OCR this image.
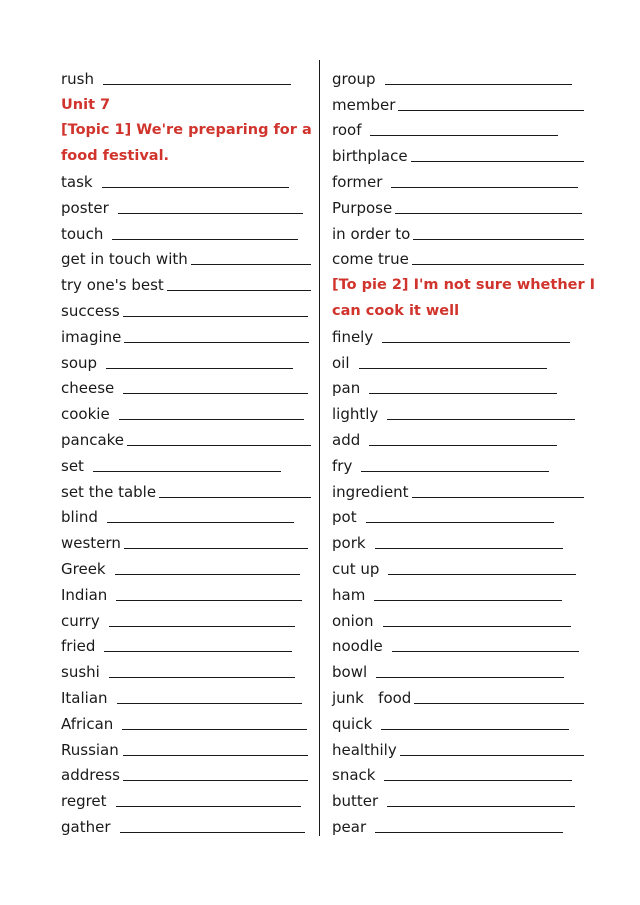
rush
Unit 7
[Topic 1] We're preparing for a
food festival.
task
poster
touch
get in touch with
try one's best
success
imagine
soup
cheese
cookie
pancake
set
set the table
blind
western
Greek
Indian
curry
fried
sushi
Italian
African
Russian
address
regret
gather
group
member
roof
birthplace
former
Purpose
in order to
come true
[To pie 2] I'm not sure whether I
can cook it well
finely
oil
pan
lightly
add
fry
ingredient
pot
pork
cut up
ham
onion
noodle
bowl
junk   food
quick
healthily
snack
butter
pear
